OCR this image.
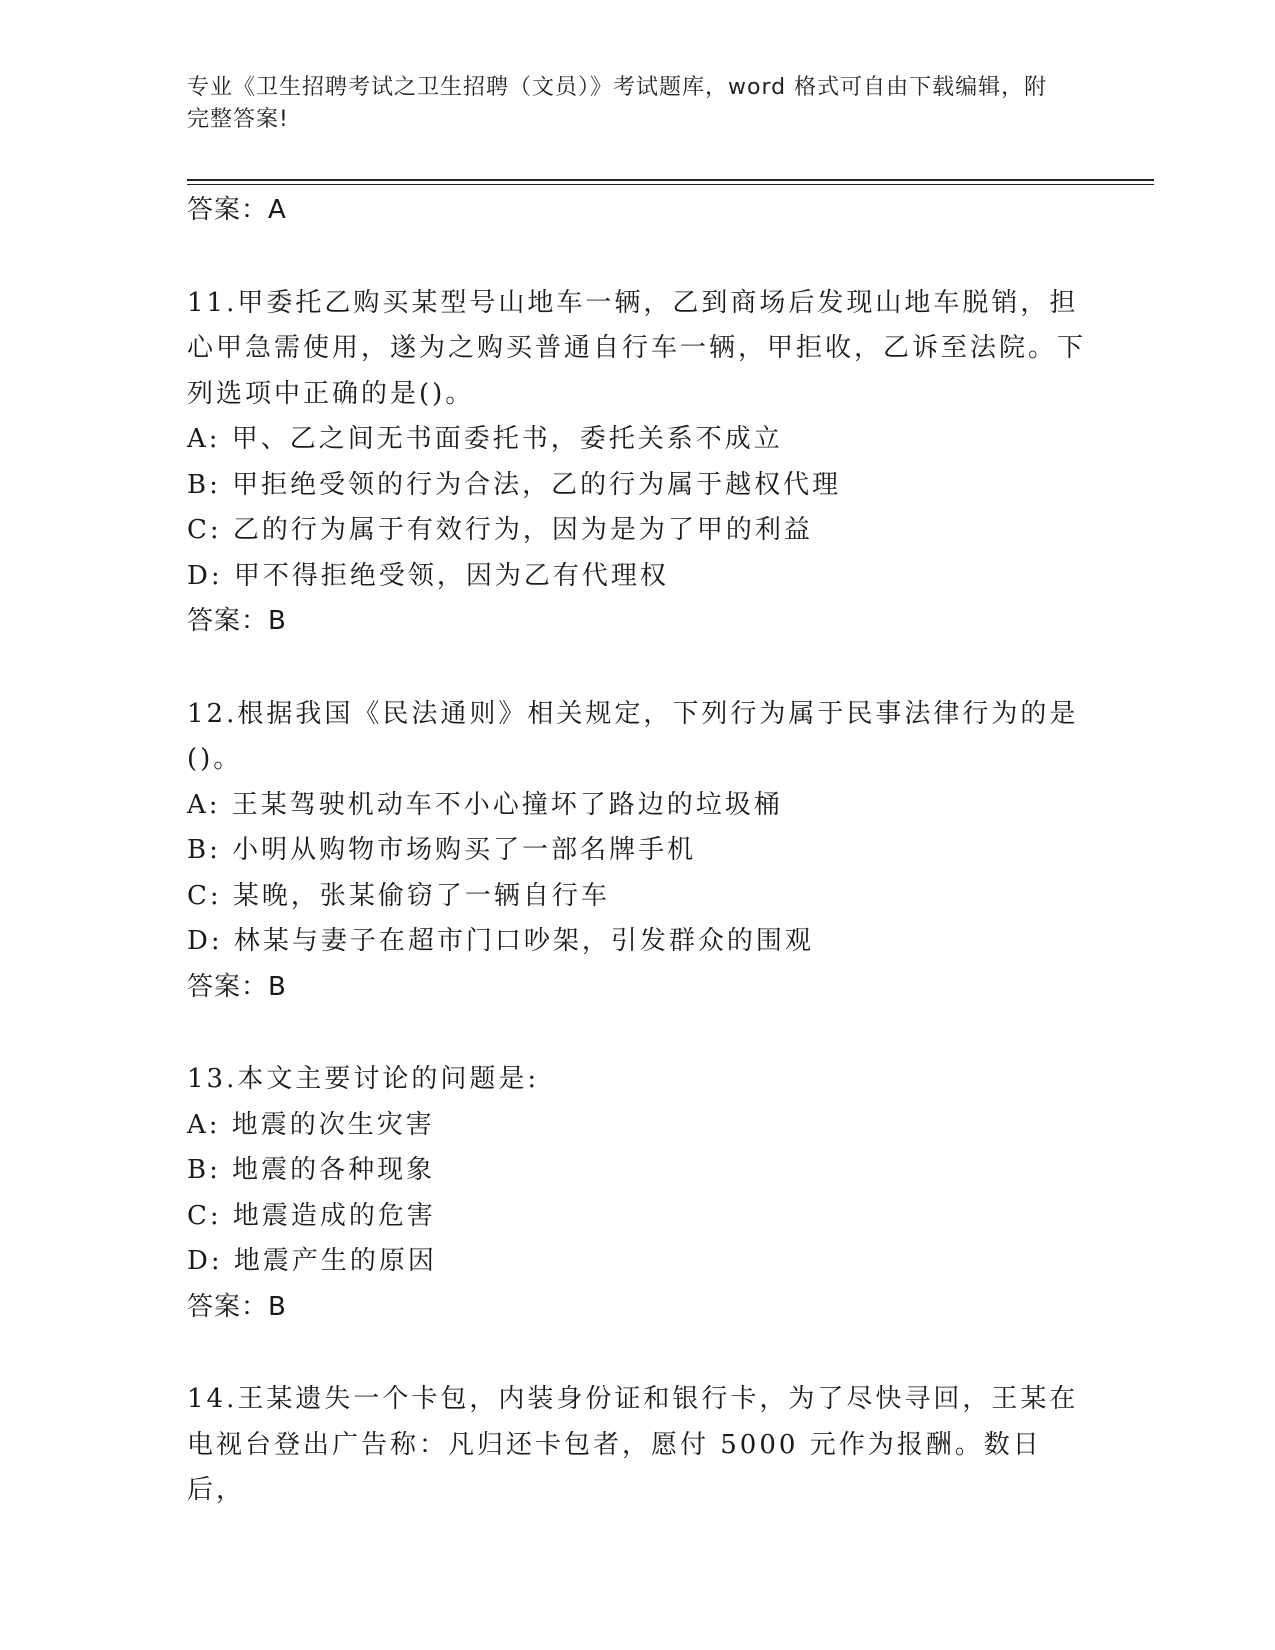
专业《卫生招聘考试之卫生招聘（文员）》考试题库，word 格式可自由下载编辑，附完整答案!
答案：A
11.甲委托乙购买某型号山地车一辆，乙到商场后发现山地车脱销，担心甲急需使用，遂为之购买普通自行车一辆，甲拒收，乙诉至法院。下列选项中正确的是()。
A: 甲、乙之间无书面委托书，委托关系不成立
B: 甲拒绝受领的行为合法，乙的行为属于越权代理
C: 乙的行为属于有效行为，因为是为了甲的利益
D: 甲不得拒绝受领，因为乙有代理权
答案：B
12.根据我国《民法通则》相关规定，下列行为属于民事法律行为的是()。
A: 王某驾驶机动车不小心撞坏了路边的垃圾桶
B: 小明从购物市场购买了一部名牌手机
C: 某晚，张某偷窃了一辆自行车
D: 林某与妻子在超市门口吵架，引发群众的围观
答案：B
13.本文主要讨论的问题是:
A: 地震的次生灾害
B: 地震的各种现象
C: 地震造成的危害
D: 地震产生的原因
答案：B
14.王某遗失一个卡包，内装身份证和银行卡，为了尽快寻回，王某在电视台登出广告称：凡归还卡包者，愿付 5000 元作为报酬。数日后，
